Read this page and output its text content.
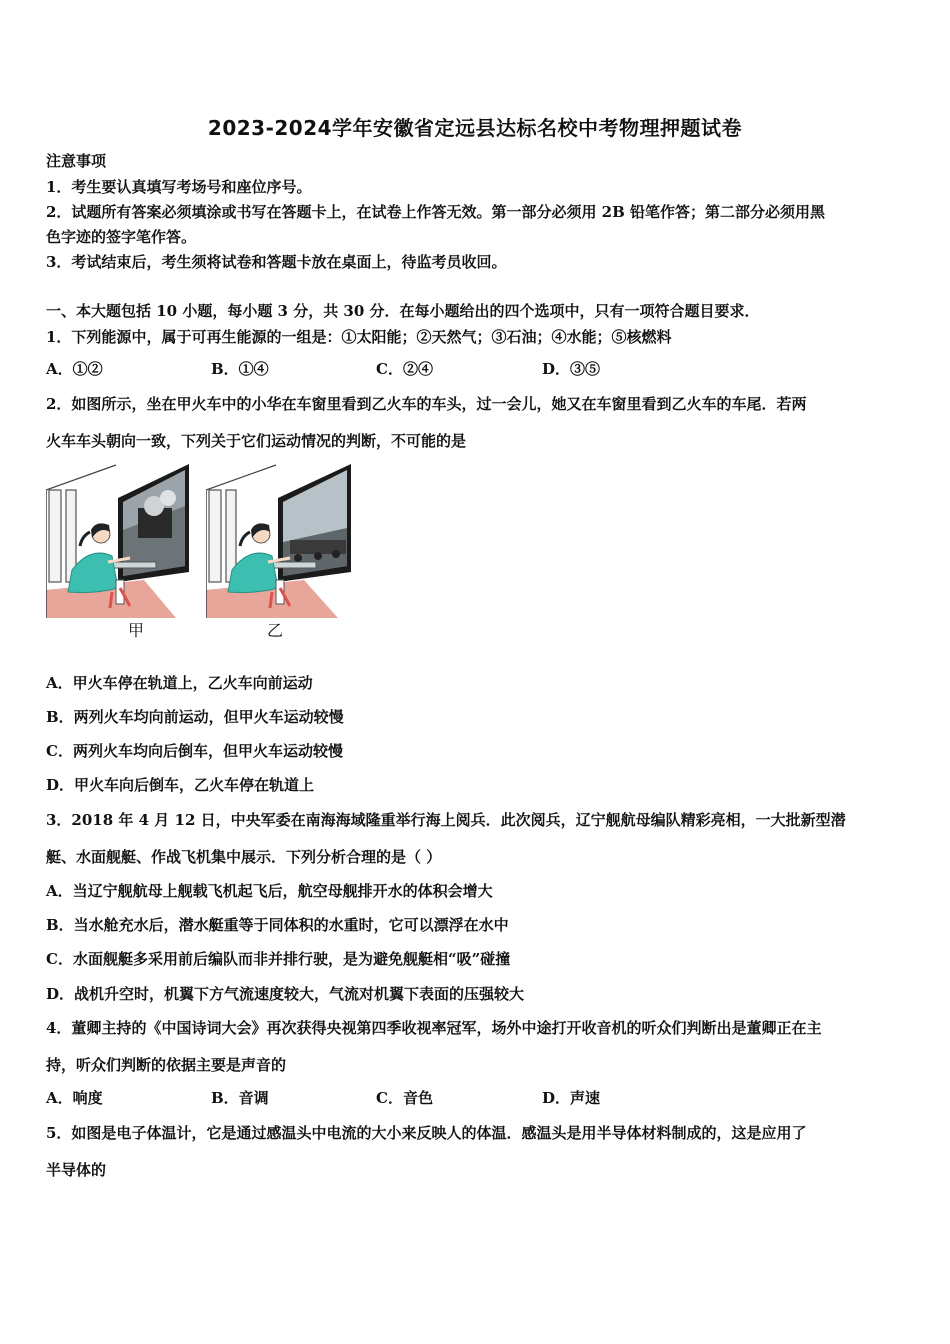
2023-2024学年安徽省定远县达标名校中考物理押题试卷

注意事项

1．考生要认真填写考场号和座位序号。

2．试题所有答案必须填涂或书写在答题卡上，在试卷上作答无效。第一部分必须用 2B 铅笔作答；第二部分必须用黑

色字迹的签字笔作答。

3．考试结束后，考生须将试卷和答题卡放在桌面上，待监考员收回。

一、本大题包括 10 小题，每小题 3 分，共 30 分．在每小题给出的四个选项中，只有一项符合题目要求．

1．下列能源中，属于可再生能源的一组是：①太阳能；②天然气；③石油；④水能；⑤核燃料

A．①②	B．①④	C．②④	D．③⑤

2．如图所示，坐在甲火车中的小华在车窗里看到乙火车的车头，过一会儿，她又在车窗里看到乙火车的车尾．若两

火车车头朝向一致，下列关于它们运动情况的判断，不可能的是

甲	乙

A．甲火车停在轨道上，乙火车向前运动

B．两列火车均向前运动，但甲火车运动较慢

C．两列火车均向后倒车，但甲火车运动较慢

D．甲火车向后倒车，乙火车停在轨道上

3．2018 年 4 月 12 日，中央军委在南海海域隆重举行海上阅兵．此次阅兵，辽宁舰航母编队精彩亮相，一大批新型潜

艇、水面舰艇、作战飞机集中展示．下列分析合理的是（ ）

A．当辽宁舰航母上舰载飞机起飞后，航空母舰排开水的体积会增大

B．当水舱充水后，潜水艇重等于同体积的水重时，它可以漂浮在水中

C．水面舰艇多采用前后编队而非并排行驶，是为避免舰艇相“吸”碰撞

D．战机升空时，机翼下方气流速度较大，气流对机翼下表面的压强较大

4．董卿主持的《中国诗词大会》再次获得央视第四季收视率冠军，场外中途打开收音机的听众们判断出是董卿正在主

持，听众们判断的依据主要是声音的

A．响度	B．音调	C．音色	D．声速

5．如图是电子体温计，它是通过感温头中电流的大小来反映人的体温．感温头是用半导体材料制成的，这是应用了

半导体的
